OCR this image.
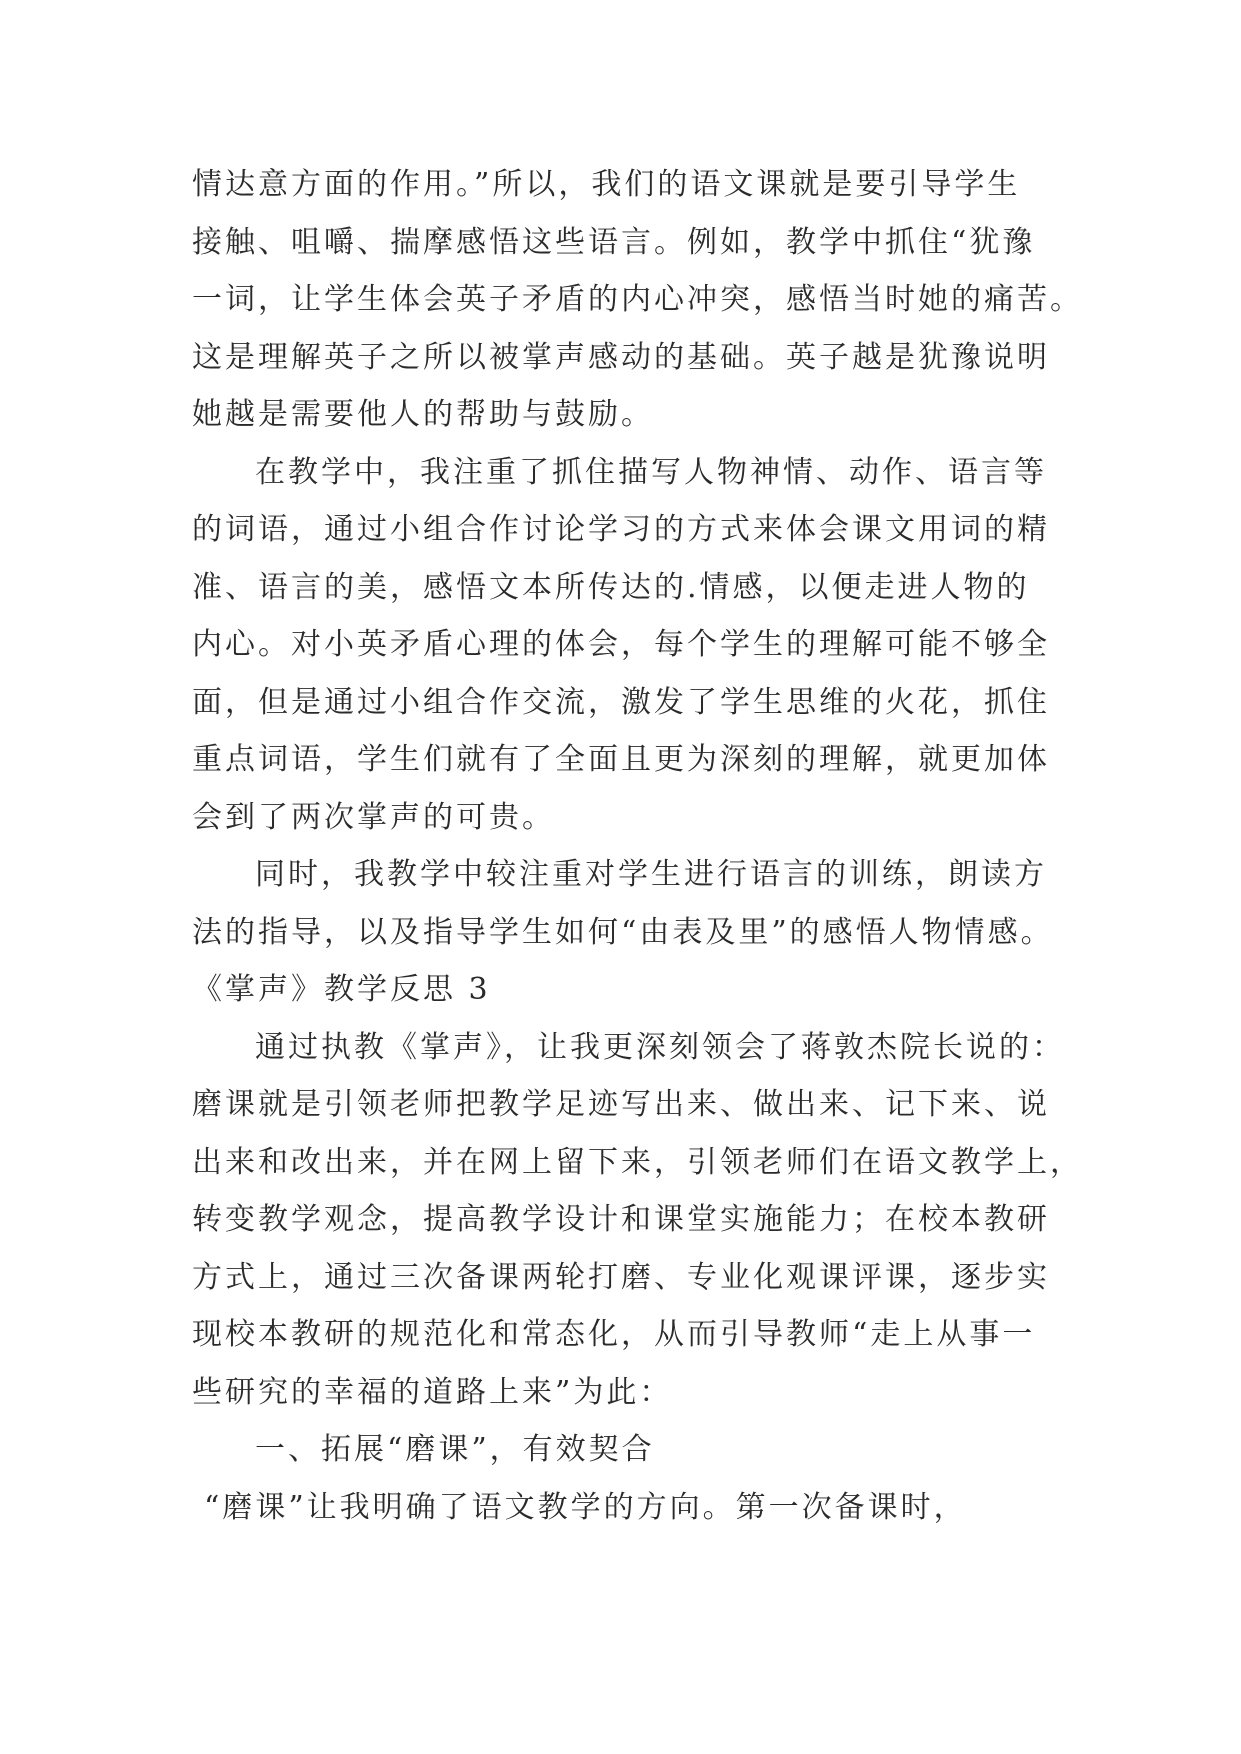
情达意方面的作用。”所以，我们的语文课就是要引导学生
接触、咀嚼、揣摩感悟这些语言。例如，教学中抓住“犹豫
一词，让学生体会英子矛盾的内心冲突，感悟当时她的痛苦。
这是理解英子之所以被掌声感动的基础。英子越是犹豫说明
她越是需要他人的帮助与鼓励。
在教学中，我注重了抓住描写人物神情、动作、语言等
的词语，通过小组合作讨论学习的方式来体会课文用词的精
准、语言的美，感悟文本所传达的.情感，以便走进人物的
内心。对小英矛盾心理的体会，每个学生的理解可能不够全
面，但是通过小组合作交流，激发了学生思维的火花，抓住
重点词语，学生们就有了全面且更为深刻的理解，就更加体
会到了两次掌声的可贵。
同时，我教学中较注重对学生进行语言的训练，朗读方
法的指导，以及指导学生如何“由表及里”的感悟人物情感。
《掌声》教学反思 3
通过执教《掌声》，让我更深刻领会了蒋敦杰院长说的：
磨课就是引领老师把教学足迹写出来、做出来、记下来、说
出来和改出来，并在网上留下来，引领老师们在语文教学上，
转变教学观念，提高教学设计和课堂实施能力；在校本教研
方式上，通过三次备课两轮打磨、专业化观课评课，逐步实
现校本教研的规范化和常态化，从而引导教师“走上从事一
些研究的幸福的道路上来”为此：
一、拓展“磨课”，有效契合
“磨课”让我明确了语文教学的方向。第一次备课时，
